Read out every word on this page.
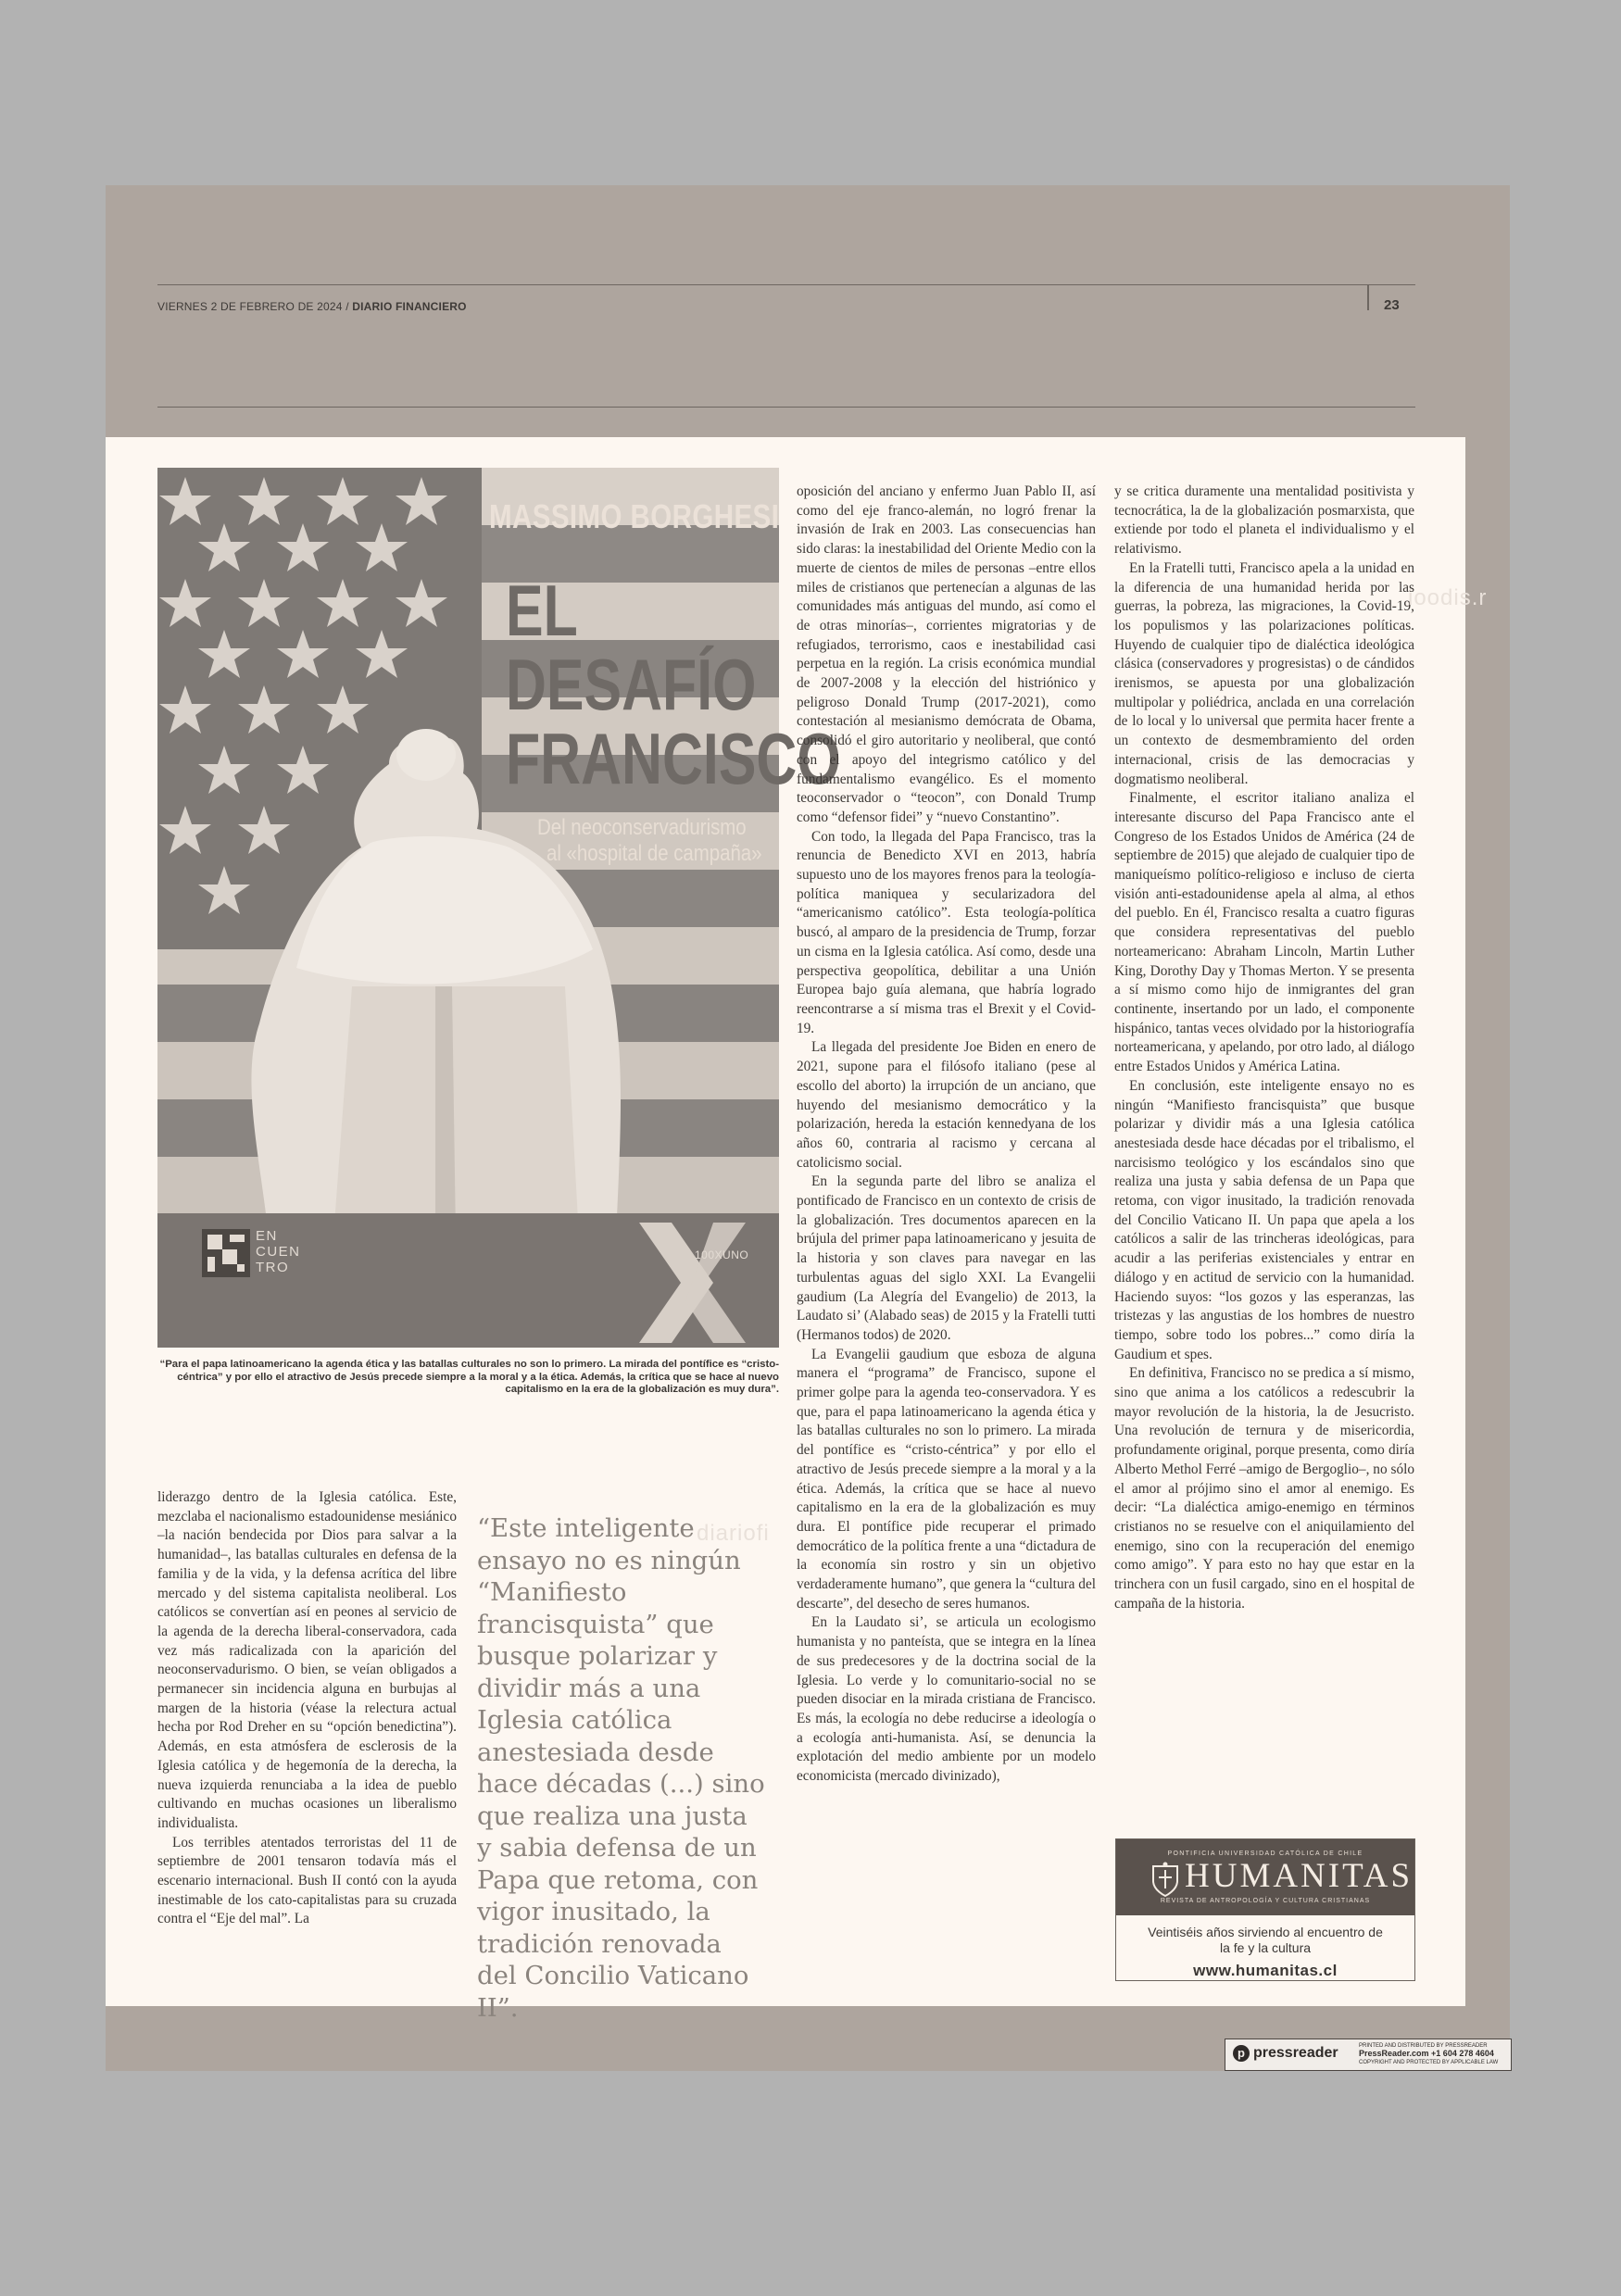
VIERNES 2 DE FEBRERO DE 2024 / DIARIO FINANCIERO	23
MASSIMO BORGHESI
EL
DESAFÍO
FRANCISCO
Del neoconservadurismo
al «hospital de campaña»
EN CUEN TRO
100XUNO
“Para el papa latinoamericano la agenda ética y las batallas culturales no son lo primero. La mirada del pontífice es “cristo-céntrica” y por ello el atractivo de Jesús precede siempre a la moral y a la ética. Además, la crítica que se hace al nuevo capitalismo en la era de la globalización es muy dura”.

liderazgo dentro de la Iglesia católica. Este, mezclaba el nacionalismo estadounidense mesiánico –la nación bendecida por Dios para salvar a la humanidad–, las batallas culturales en defensa de la familia y de la vida, y la defensa acrítica del libre mercado y del sistema capitalista neoliberal. Los católicos se convertían así en peones al servicio de la agenda de la derecha liberal-conservadora, cada vez más radicalizada con la aparición del neoconservadurismo. O bien, se veían obligados a permanecer sin incidencia alguna en burbujas al margen de la historia (véase la relectura actual hecha por Rod Dreher en su “opción benedictina”). Además, en esta atmósfera de esclerosis de la Iglesia católica y de hegemonía de la derecha, la nueva izquierda renunciaba a la idea de pueblo cultivando en muchas ocasiones un liberalismo individualista.

Los terribles atentados terroristas del 11 de septiembre de 2001 tensaron todavía más el escenario internacional. Bush II contó con la ayuda inestimable de los cato-capitalistas para su cruzada contra el “Eje del mal”. La

“Este inteligente ensayo no es ningún “Manifiesto francisquista” que busque polarizar y dividir más a una Iglesia católica anestesiada desde hace décadas (...) sino que realiza una justa y sabia defensa de un Papa que retoma, con vigor inusitado, la tradición renovada del Concilio Vaticano II”.

oposición del anciano y enfermo Juan Pablo II, así como del eje franco-alemán, no logró frenar la invasión de Irak en 2003. Las consecuencias han sido claras: la inestabilidad del Oriente Medio con la muerte de cientos de miles de personas –entre ellos miles de cristianos que pertenecían a algunas de las comunidades más antiguas del mundo, así como el de otras minorías–, corrientes migratorias y de refugiados, terrorismo, caos e inestabilidad casi perpetua en la región. La crisis económica mundial de 2007-2008 y la elección del histriónico y peligroso Donald Trump (2017-2021), como contestación al mesianismo demócrata de Obama, consolidó el giro autoritario y neoliberal, que contó con el apoyo del integrismo católico y del fundamentalismo evangélico. Es el momento teoconservador o “teocon”, con Donald Trump como “defensor fidei” y “nuevo Constantino”.

Con todo, la llegada del Papa Francisco, tras la renuncia de Benedicto XVI en 2013, habría supuesto uno de los mayores frenos para la teología-política maniquea y secularizadora del “americanismo católico”. Esta teología-política buscó, al amparo de la presidencia de Trump, forzar un cisma en la Iglesia católica. Así como, desde una perspectiva geopolítica, debilitar a una Unión Europea bajo guía alemana, que habría logrado reencontrarse a sí misma tras el Brexit y el Covid-19.

La llegada del presidente Joe Biden en enero de 2021, supone para el filósofo italiano (pese al escollo del aborto) la irrupción de un anciano, que huyendo del mesianismo democrático y la polarización, hereda la estación kennedyana de los años 60, contraria al racismo y cercana al catolicismo social.

En la segunda parte del libro se analiza el pontificado de Francisco en un contexto de crisis de la globalización. Tres documentos aparecen en la brújula del primer papa latinoamericano y jesuita de la historia y son claves para navegar en las turbulentas aguas del siglo XXI. La Evangelii gaudium (La Alegría del Evangelio) de 2013, la Laudato si’ (Alabado seas) de 2015 y la Fratelli tutti (Hermanos todos) de 2020.

La Evangelii gaudium que esboza de alguna manera el “programa” de Francisco, supone el primer golpe para la agenda teo-conservadora. Y es que, para el papa latinoamericano la agenda ética y las batallas culturales no son lo primero. La mirada del pontífice es “cristo-céntrica” y por ello el atractivo de Jesús precede siempre a la moral y a la ética. Además, la crítica que se hace al nuevo capitalismo en la era de la globalización es muy dura. El pontífice pide recuperar el primado democrático de la política frente a una “dictadura de la economía sin rostro y sin un objetivo verdaderamente humano”, que genera la “cultura del descarte”, del desecho de seres humanos.

En la Laudato si’, se articula un ecologismo humanista y no panteísta, que se integra en la línea de sus predecesores y de la doctrina social de la Iglesia. Lo verde y lo comunitario-social no se pueden disociar en la mirada cristiana de Francisco. Es más, la ecología no debe reducirse a ideología o a ecología anti-humanista. Así, se denuncia la explotación del medio ambiente por un modelo economicista (mercado divinizado),

y se critica duramente una mentalidad positivista y tecnocrática, la de la globalización posmarxista, que extiende por todo el planeta el individualismo y el relativismo.

En la Fratelli tutti, Francisco apela a la unidad en la diferencia de una humanidad herida por las guerras, la pobreza, las migraciones, la Covid-19, los populismos y las polarizaciones políticas. Huyendo de cualquier tipo de dialéctica ideológica clásica (conservadores y progresistas) o de cándidos irenismos, se apuesta por una globalización multipolar y poliédrica, anclada en una correlación de lo local y lo universal que permita hacer frente a un contexto de desmembramiento del orden internacional, crisis de las democracias y dogmatismo neoliberal.

Finalmente, el escritor italiano analiza el interesante discurso del Papa Francisco ante el Congreso de los Estados Unidos de América (24 de septiembre de 2015) que alejado de cualquier tipo de maniqueísmo político-religioso e incluso de cierta visión anti-estadounidense apela al alma, al ethos del pueblo. En él, Francisco resalta a cuatro figuras que considera representativas del pueblo norteamericano: Abraham Lincoln, Martin Luther King, Dorothy Day y Thomas Merton. Y se presenta a sí mismo como hijo de inmigrantes del gran continente, insertando por un lado, el componente hispánico, tantas veces olvidado por la historiografía norteamericana, y apelando, por otro lado, al diálogo entre Estados Unidos y América Latina.

En conclusión, este inteligente ensayo no es ningún “Manifiesto francisquista” que busque polarizar y dividir más a una Iglesia católica anestesiada desde hace décadas por el tribalismo, el narcisismo teológico y los escándalos sino que realiza una justa y sabia defensa de un Papa que retoma, con vigor inusitado, la tradición renovada del Concilio Vaticano II. Un papa que apela a los católicos a salir de las trincheras ideológicas, para acudir a las periferias existenciales y entrar en diálogo y en actitud de servicio con la humanidad. Haciendo suyos: “los gozos y las esperanzas, las tristezas y las angustias de los hombres de nuestro tiempo, sobre todo los pobres...” como diría la Gaudium et spes.

En definitiva, Francisco no se predica a sí mismo, sino que anima a los católicos a redescubrir la mayor revolución de la historia, la de Jesucristo. Una revolución de ternura y de misericordia, profundamente original, porque presenta, como diría Alberto Methol Ferré –amigo de Bergoglio–, no sólo el amor al prójimo sino el amor al enemigo. Es decir: “La dialéctica amigo-enemigo en términos cristianos no se resuelve con el aniquilamiento del enemigo, sino con la recuperación del enemigo como amigo”. Y para esto no hay que estar en la trinchera con un fusil cargado, sino en el hospital de campaña de la historia.

PONTIFICIA UNIVERSIDAD CATÓLICA DE CHILE
HUMANITAS
REVISTA DE ANTROPOLOGÍA Y CULTURA CRISTIANAS
Veintiséis años sirviendo al encuentro de
la fe y la cultura
www.humanitas.cl
diariofi
ioodis.r
p pressreader	PRINTED AND DISTRIBUTED BY PRESSREADER
PressReader.com +1 604 278 4604
COPYRIGHT AND PROTECTED BY APPLICABLE LAW
